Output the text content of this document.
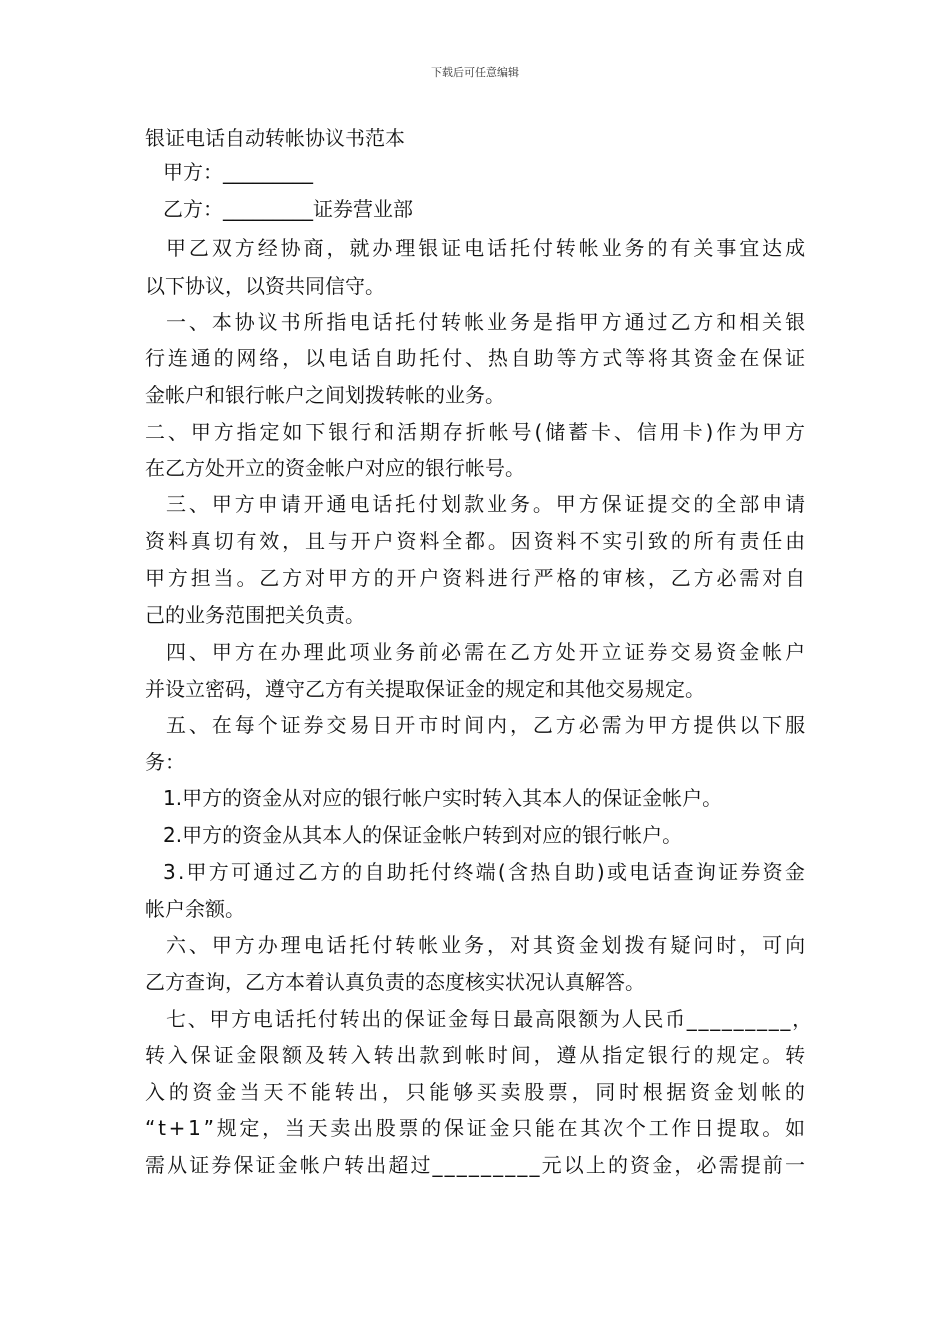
下载后可任意编辑
银证电话自动转帐协议书范本
甲方：_________
乙方：_________证券营业部
甲乙双方经协商，就办理银证电话托付转帐业务的有关事宜达成
以下协议，以资共同信守。
一、本协议书所指电话托付转帐业务是指甲方通过乙方和相关银
行连通的网络，以电话自助托付、热自助等方式等将其资金在保证
金帐户和银行帐户之间划拨转帐的业务。
二、甲方指定如下银行和活期存折帐号(储蓄卡、信用卡)作为甲方
在乙方处开立的资金帐户对应的银行帐号。
三、甲方申请开通电话托付划款业务。甲方保证提交的全部申请
资料真切有效，且与开户资料全都。因资料不实引致的所有责任由
甲方担当。乙方对甲方的开户资料进行严格的审核，乙方必需对自
己的业务范围把关负责。
四、甲方在办理此项业务前必需在乙方处开立证券交易资金帐户
并设立密码，遵守乙方有关提取保证金的规定和其他交易规定。
五、在每个证券交易日开市时间内，乙方必需为甲方提供以下服
务：
1.甲方的资金从对应的银行帐户实时转入其本人的保证金帐户。
2.甲方的资金从其本人的保证金帐户转到对应的银行帐户。
3.甲方可通过乙方的自助托付终端(含热自助)或电话查询证券资金
帐户余额。
六、甲方办理电话托付转帐业务，对其资金划拨有疑问时，可向
乙方查询，乙方本着认真负责的态度核实状况认真解答。
七、甲方电话托付转出的保证金每日最高限额为人民币_________，
转入保证金限额及转入转出款到帐时间，遵从指定银行的规定。转
入的资金当天不能转出，只能够买卖股票，同时根据资金划帐的
“t+1”规定，当天卖出股票的保证金只能在其次个工作日提取。如
需从证券保证金帐户转出超过_________元以上的资金，必需提前一
